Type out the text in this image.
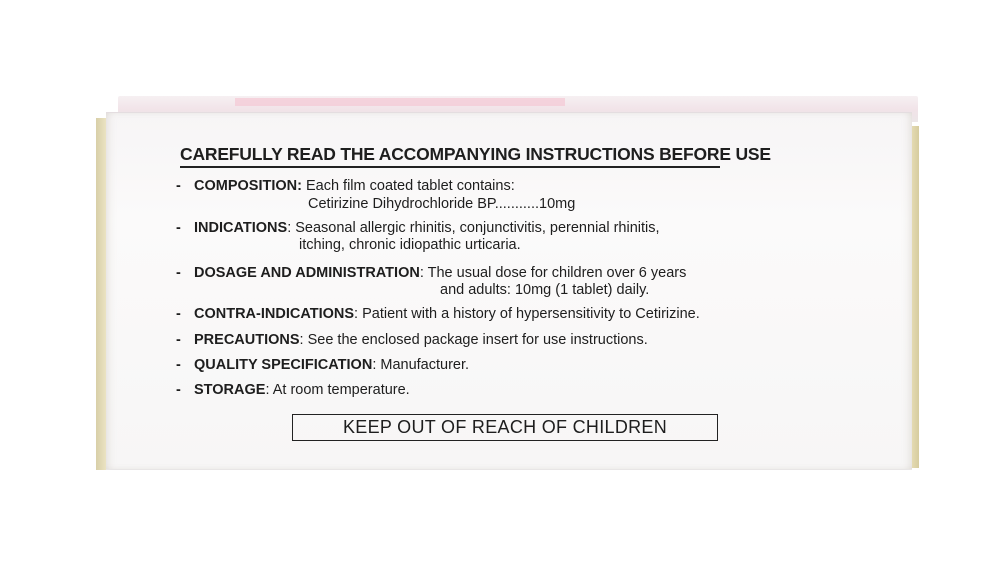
CAREFULLY READ THE ACCOMPANYING INSTRUCTIONS BEFORE USE
- COMPOSITION: Each film coated tablet contains:
Cetirizine Dihydrochloride BP...........10mg
- INDICATIONS: Seasonal allergic rhinitis, conjunctivitis, perennial rhinitis,
itching, chronic idiopathic urticaria.
- DOSAGE AND ADMINISTRATION: The usual dose for children over 6 years
and adults: 10mg (1 tablet) daily.
- CONTRA-INDICATIONS: Patient with a history of hypersensitivity to Cetirizine.
- PRECAUTIONS: See the enclosed package insert for use instructions.
- QUALITY SPECIFICATION: Manufacturer.
- STORAGE: At room temperature.
KEEP OUT OF REACH OF CHILDREN
